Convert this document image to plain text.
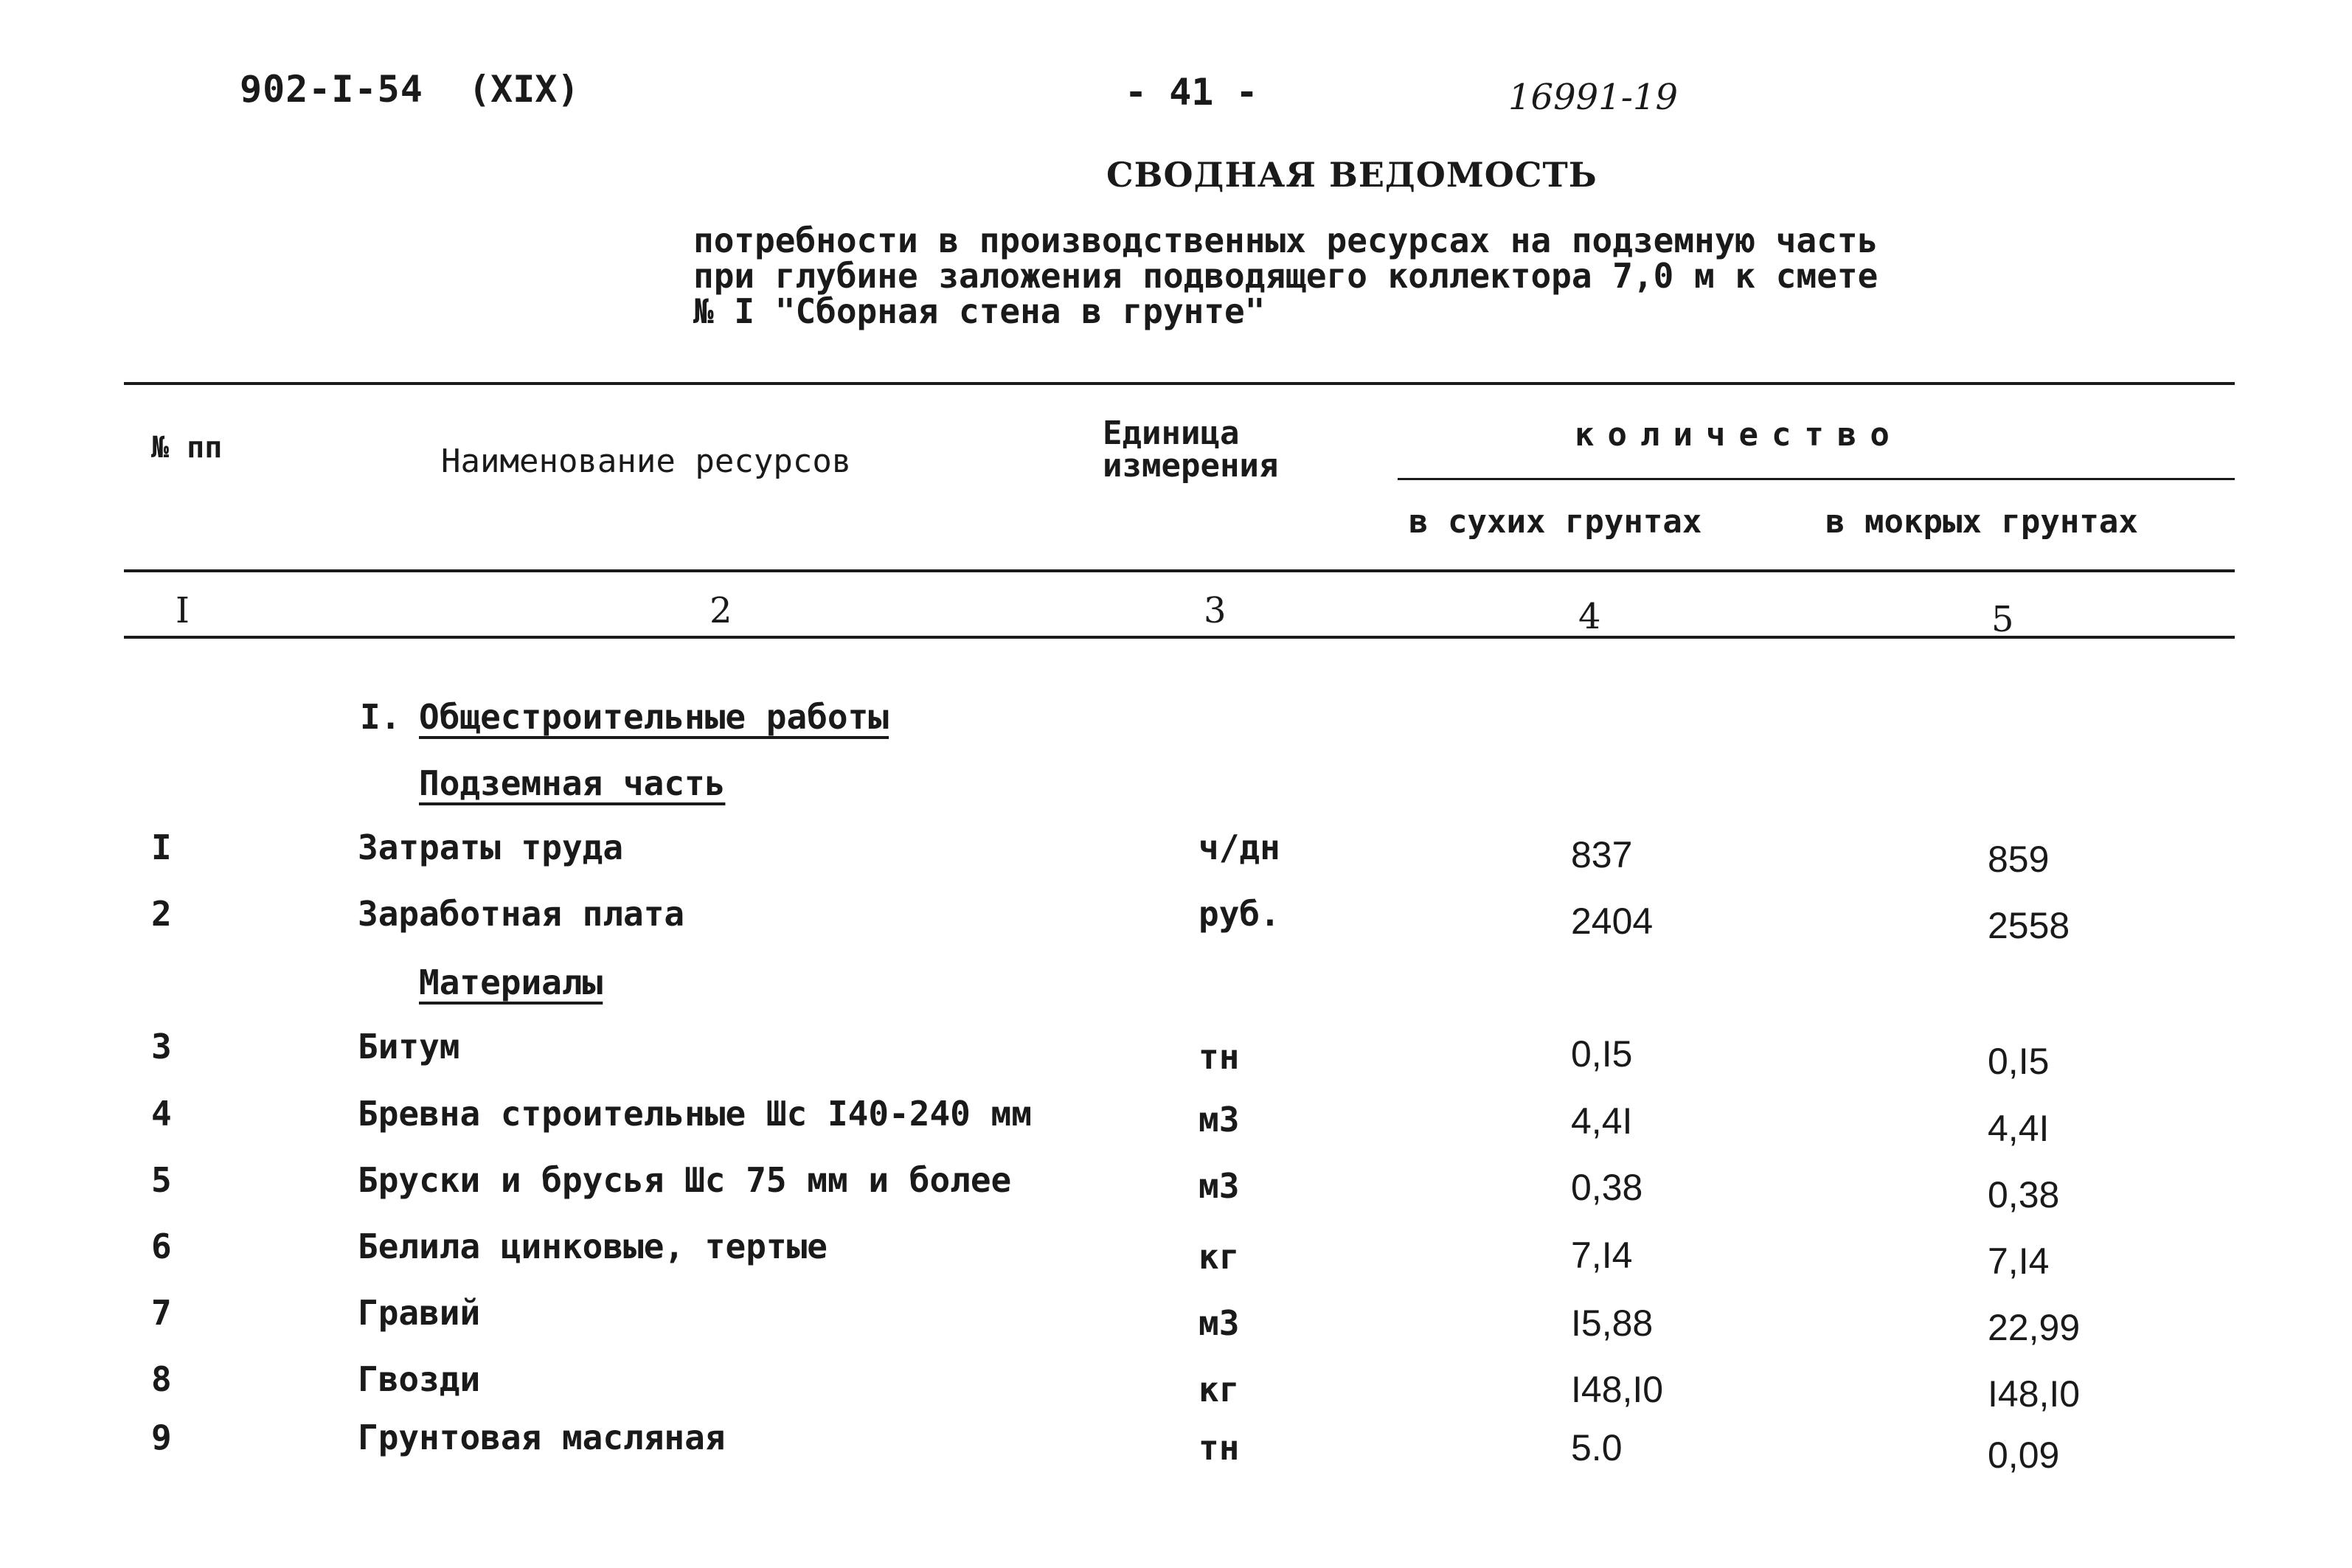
902-I-54 (XIX)	- 41 -	16991-19
СВОДНАЯ ВЕДОМОСТЬ
потребности в производственных ресурсах на подземную часть
при глубине заложения подводящего коллектора 7,0 м к смете
№ I "Сборная стена в грунте"
№ пп	Наименование ресурсов
Единица измерения
количество
в сухих грунтах	в мокрых грунтах
I	2	3	4	5
I. Общестроительные работы
Подземная часть
Материалы
I	Затраты труда	ч/дн	837	859
2	Заработная плата	руб.	2404	2558
3	Битум	тн	0,I5	0,I5
4	Бревна строительные Шс I40-240 мм	м3	4,4I	4,4I
5	Бруски и брусья Шс 75 мм и более	м3	0,38	0,38
6	Белила цинковые, тертые	кг	7,I4	7,I4
7	Гравий	м3	I5,88	22,99
8	Гвозди	кг	I48,I0	I48,I0
9	Грунтовая масляная	тн	5.0	0,09
